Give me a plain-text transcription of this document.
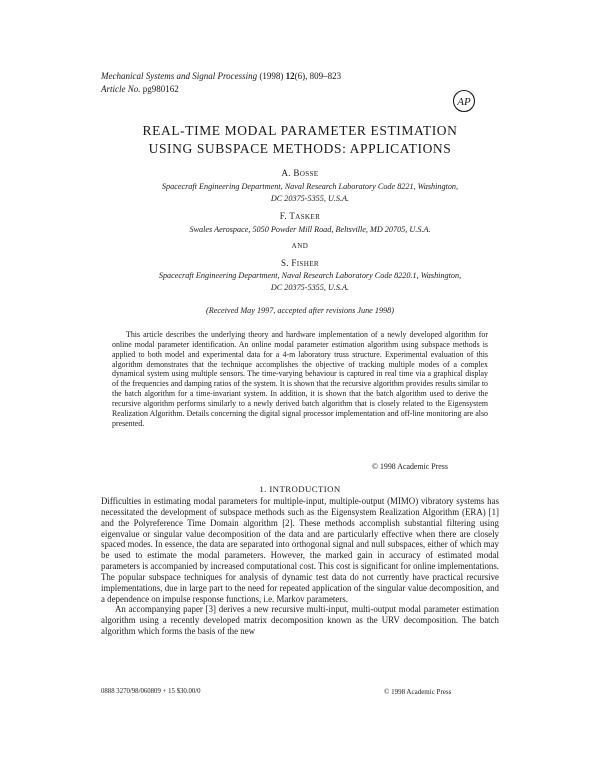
Mechanical Systems and Signal Processing (1998) 12(6), 809–823
Article No. pg980162
AP
REAL-TIME MODAL PARAMETER ESTIMATION
USING SUBSPACE METHODS: APPLICATIONS
A. BOSSE
Spacecraft Engineering Department, Naval Research Laboratory Code 8221, Washington,
DC 20375-5355, U.S.A.
F. TASKER
Swales Aerospace, 5050 Powder Mill Road, Beltsville, MD 20705, U.S.A.
AND
S. FISHER
Spacecraft Engineering Department, Naval Research Laboratory Code 8220.1, Washington,
DC 20375-5355, U.S.A.
(Received May 1997, accepted after revisions June 1998)

This article describes the underlying theory and hardware implementation of a newly developed algorithm for online modal parameter identification. An online modal parameter estimation algorithm using subspace methods is applied to both model and experimental data for a 4-m laboratory truss structure. Experimental evaluation of this algorithm demonstrates that the technique accomplishes the objective of tracking multiple modes of a complex dynamical system using multiple sensors. The time-varying behaviour is captured in real time via a graphical display of the frequencies and damping ratios of the system. It is shown that the recursive algorithm provides results similar to the batch algorithm for a time-invariant system. In addition, it is shown that the batch algorithm used to derive the recursive algorithm performs similarly to a newly derived batch algorithm that is closely related to the Eigensystem Realization Algorithm. Details concerning the digital signal processor implementation and off-line monitoring are also presented.

© 1998 Academic Press
1. INTRODUCTION

Difficulties in estimating modal parameters for multiple-input, multiple-output (MIMO) vibratory systems has necessitated the development of subspace methods such as the Eigensystem Realization Algorithm (ERA) [1] and the Polyreference Time Domain algorithm [2]. These methods accomplish substantial filtering using eigenvalue or singular value decomposition of the data and are particularly effective when there are closely spaced modes. In essence, the data are separated into orthogonal signal and null subspaces, either of which may be used to estimate the modal parameters. However, the marked gain in accuracy of estimated modal parameters is accompanied by increased computational cost. This cost is significant for online implementations. The popular subspace techniques for analysis of dynamic test data do not currently have practical recursive implementations, due in large part to the need for repeated application of the singular value decomposition, and a dependence on impulse response functions, i.e. Markov parameters.

An accompanying paper [3] derives a new recursive multi-input, multi-output modal parameter estimation algorithm using a recently developed matrix decomposition known as the URV decomposition. The batch algorithm which forms the basis of the new

0888 3270/98/060809 + 15 $30.00/0	© 1998 Academic Press
